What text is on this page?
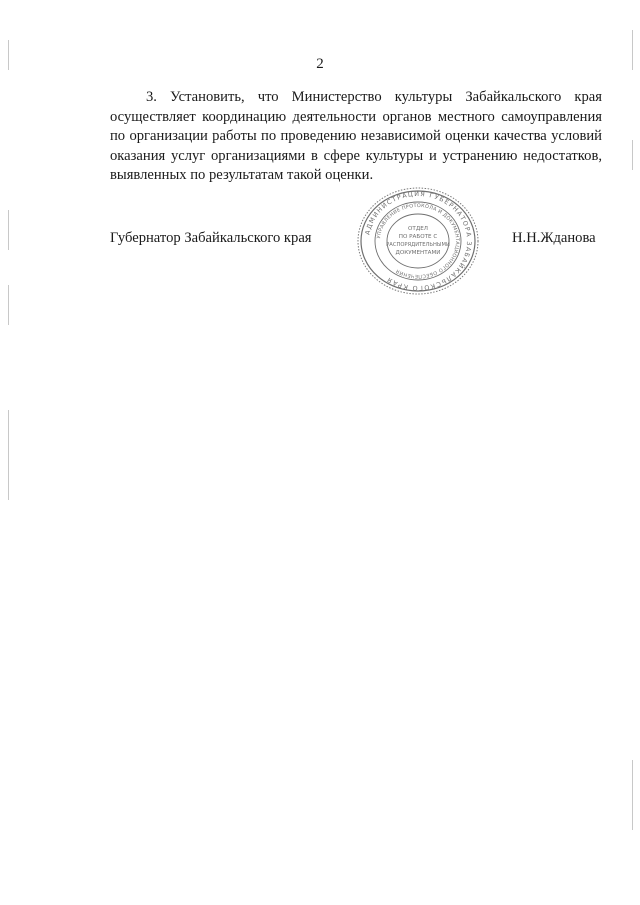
2

3. Установить, что Министерство культуры Забайкальского края
осуществляет координацию деятельности органов местного самоуправления
по организации работы по проведению независимой оценки качества условий
оказания услуг организациями в сфере культуры и устранению недостатков,
выявленных по результатам такой оценки.

Губернатор Забайкальского края	АДМИНИСТРАЦИЯ ГУБЕРНАТОРА ЗАБАЙКАЛЬСКОГО КРАЯ
УПРАВЛЕНИЕ ПРОТОКОЛА И ДОКУМЕНТАЦИОННОГО ОБЕСПЕЧЕНИЯ
ОТДЕЛ
ПО РАБОТЕ С
РАСПОРЯДИТЕЛЬНЫМИ
ДОКУМЕНТАМИ
Н.Н.Жданова
